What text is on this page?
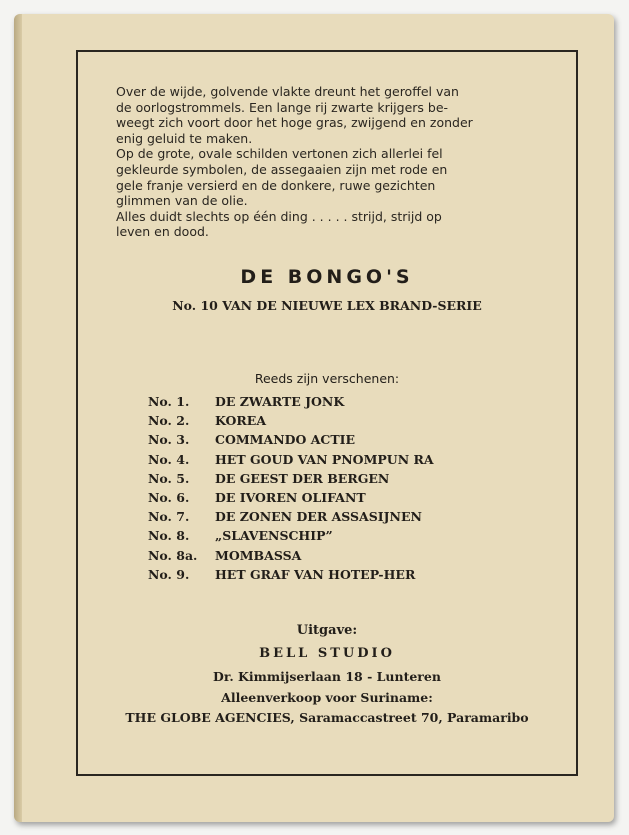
Over de wijde, golvende vlakte dreunt het geroffel van

de oorlogstrommels. Een lange rij zwarte krijgers be-

weegt zich voort door het hoge gras, zwijgend en zonder

enig geluid te maken.

Op de grote, ovale schilden vertonen zich allerlei fel

gekleurde symbolen, de assegaaien zijn met rode en

gele franje versierd en de donkere, ruwe gezichten

glimmen van de olie.

Alles duidt slechts op één ding . . . . . strijd, strijd op

leven en dood.

DE BONGO'S
No. 10 VAN DE NIEUWE LEX BRAND-SERIE
Reeds zijn verschenen:
No. 1. DE ZWARTE JONK
No. 2. KOREA
No. 3. COMMANDO ACTIE
No. 4. HET GOUD VAN PNOMPUN RA
No. 5. DE GEEST DER BERGEN
No. 6. DE IVOREN OLIFANT
No. 7. DE ZONEN DER ASSASIJNEN
No. 8. „SLAVENSCHIP”
No. 8a. MOMBASSA
No. 9. HET GRAF VAN HOTEP-HER
Uitgave:
BELL STUDIO
Dr. Kimmijserlaan 18 - Lunteren
Alleenverkoop voor Suriname:
THE GLOBE AGENCIES, Saramaccastreet 70, Paramaribo
